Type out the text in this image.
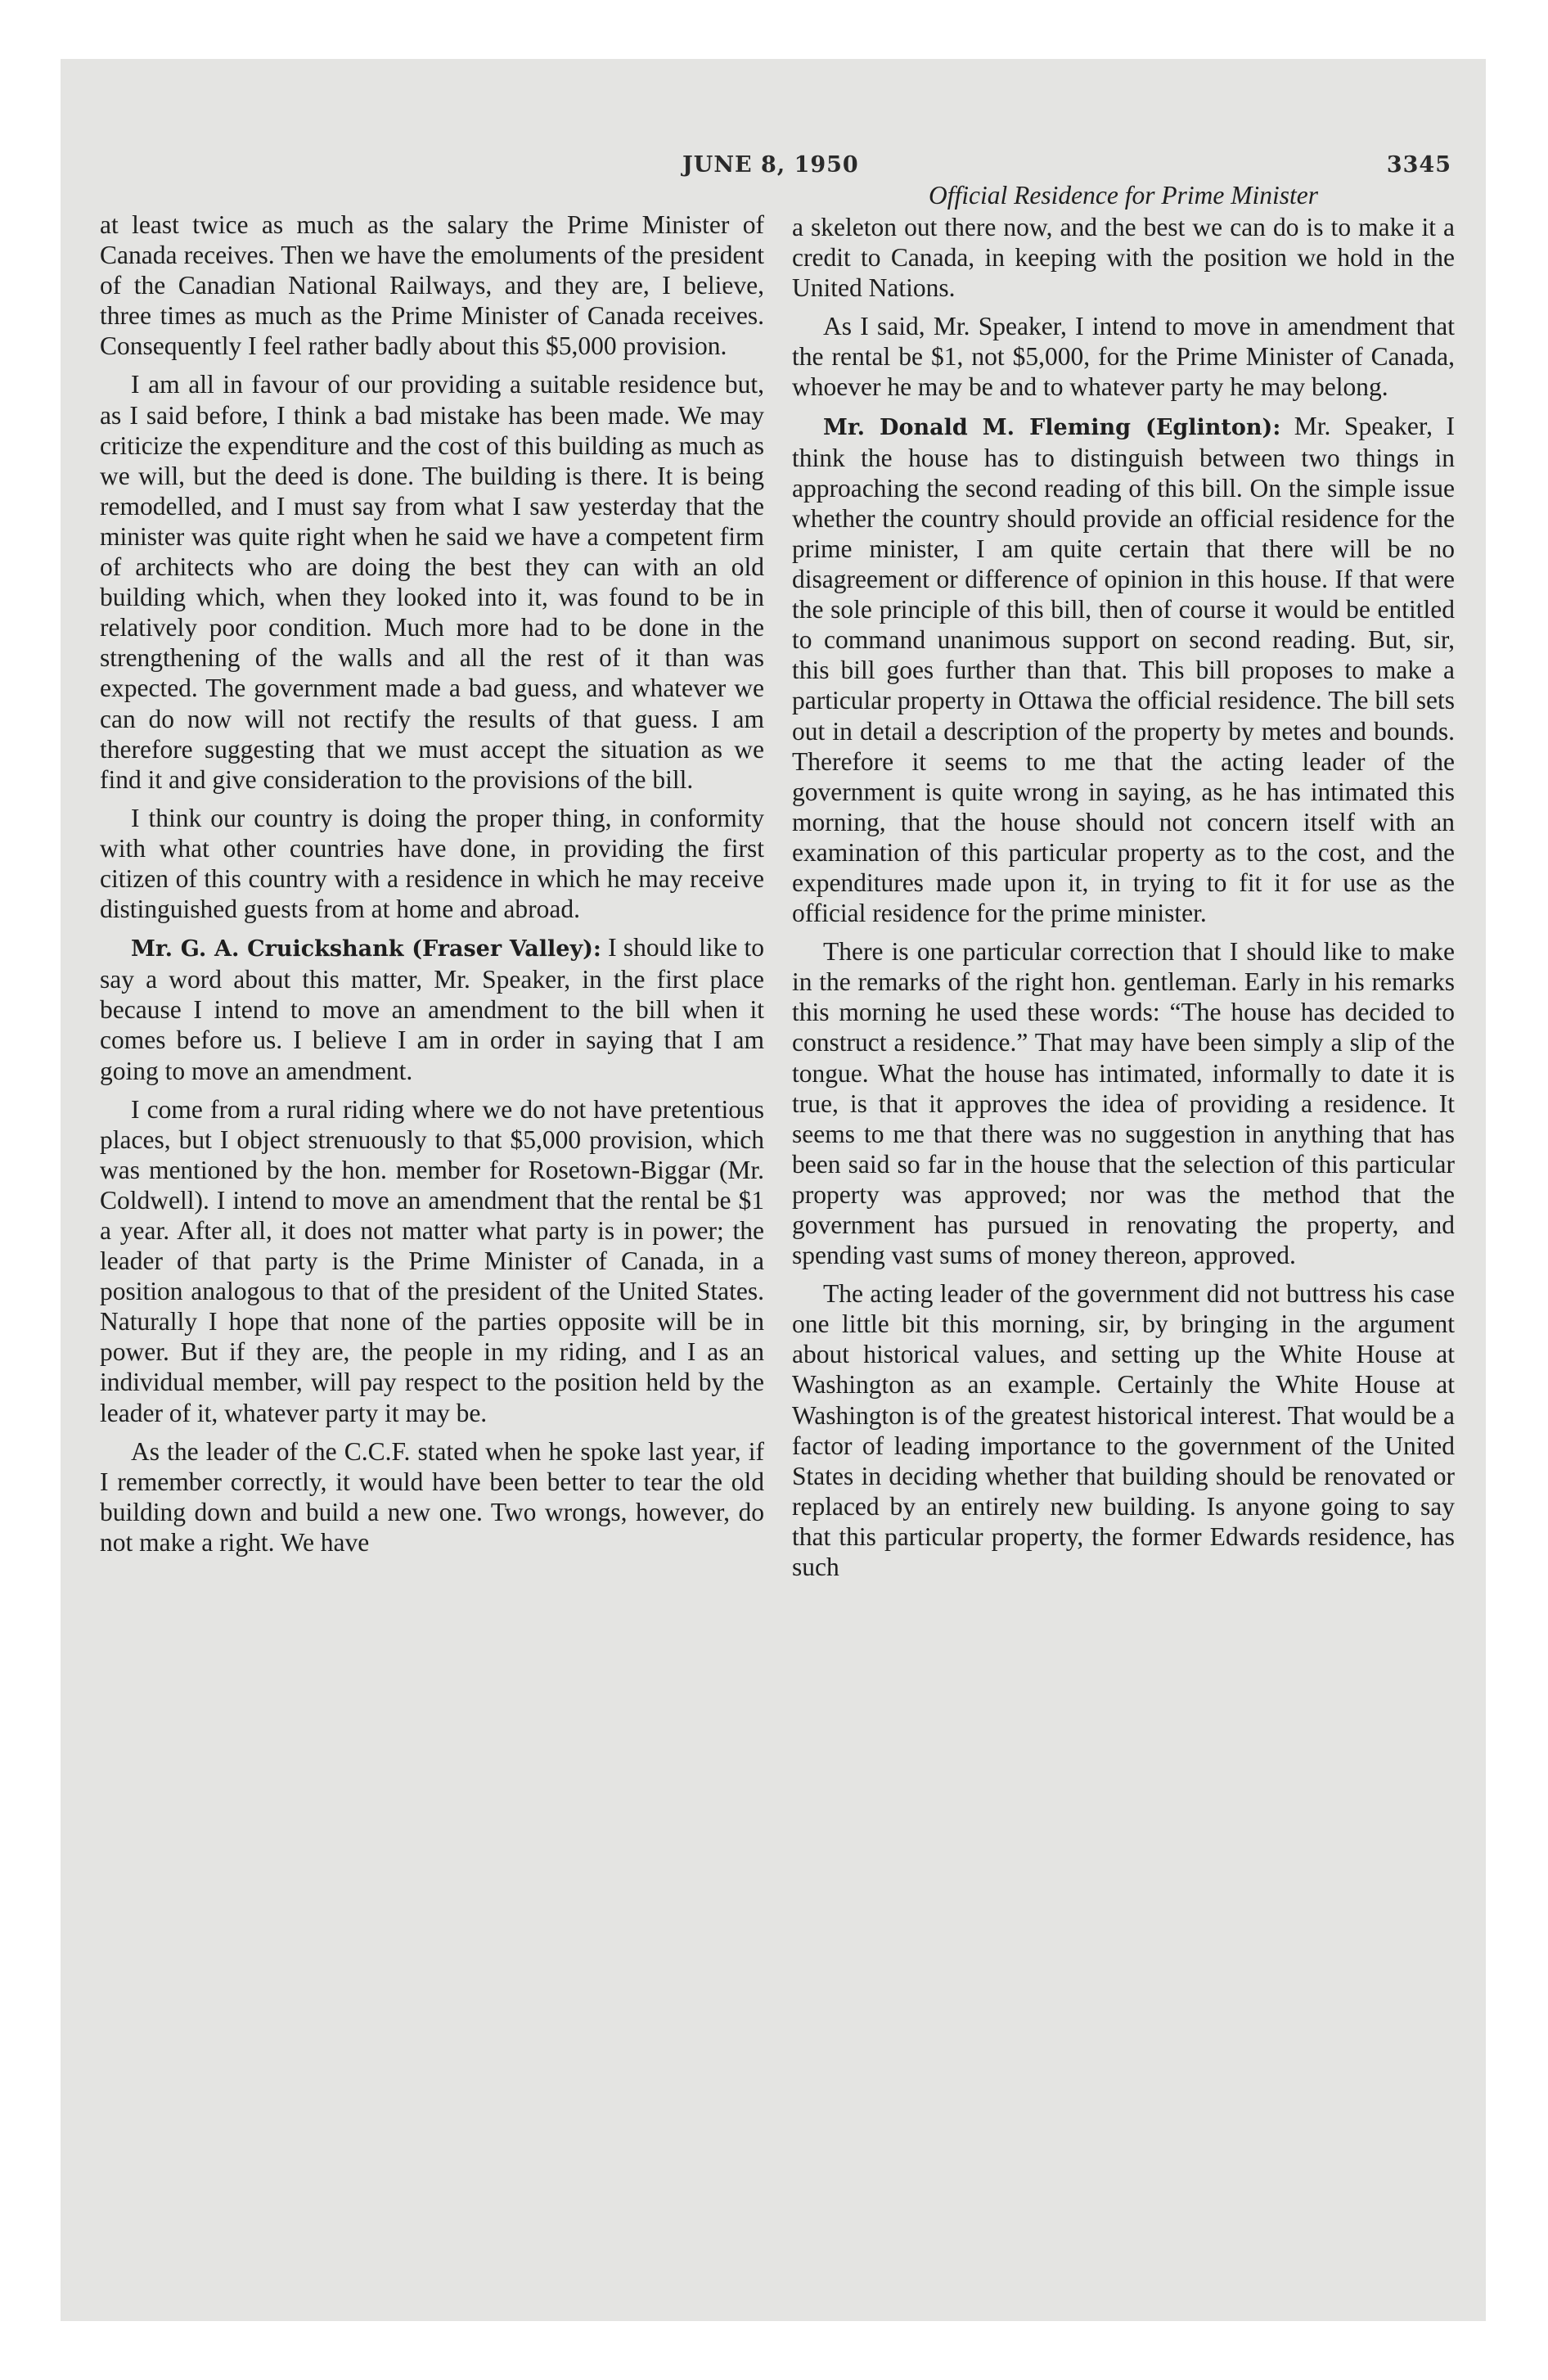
JUNE 8, 1950	3345

at least twice as much as the salary the Prime Minister of Canada receives. Then we have the emoluments of the president of the Canadian National Railways, and they are, I believe, three times as much as the Prime Minister of Canada receives. Consequently I feel rather badly about this $5,000 provision.

I am all in favour of our providing a suitable residence but, as I said before, I think a bad mistake has been made. We may criticize the expenditure and the cost of this building as much as we will, but the deed is done. The building is there. It is being remodelled, and I must say from what I saw yesterday that the minister was quite right when he said we have a competent firm of architects who are doing the best they can with an old building which, when they looked into it, was found to be in relatively poor condition. Much more had to be done in the strengthening of the walls and all the rest of it than was expected. The government made a bad guess, and whatever we can do now will not rectify the results of that guess. I am therefore suggesting that we must accept the situation as we find it and give consideration to the provisions of the bill.

I think our country is doing the proper thing, in conformity with what other countries have done, in providing the first citizen of this country with a residence in which he may receive distinguished guests from at home and abroad.

Mr. G. A. Cruickshank (Fraser Valley): I should like to say a word about this matter, Mr. Speaker, in the first place because I intend to move an amendment to the bill when it comes before us. I believe I am in order in saying that I am going to move an amendment.

I come from a rural riding where we do not have pretentious places, but I object strenuously to that $5,000 provision, which was mentioned by the hon. member for Rosetown-Biggar (Mr. Coldwell). I intend to move an amendment that the rental be $1 a year. After all, it does not matter what party is in power; the leader of that party is the Prime Minister of Canada, in a position analogous to that of the president of the United States. Naturally I hope that none of the parties opposite will be in power. But if they are, the people in my riding, and I as an individual member, will pay respect to the position held by the leader of it, whatever party it may be.

As the leader of the C.C.F. stated when he spoke last year, if I remember correctly, it would have been better to tear the old building down and build a new one. Two wrongs, however, do not make a right. We have

Official Residence for Prime Minister

a skeleton out there now, and the best we can do is to make it a credit to Canada, in keeping with the position we hold in the United Nations.

As I said, Mr. Speaker, I intend to move in amendment that the rental be $1, not $5,000, for the Prime Minister of Canada, whoever he may be and to whatever party he may belong.

Mr. Donald M. Fleming (Eglinton): Mr. Speaker, I think the house has to distinguish between two things in approaching the second reading of this bill. On the simple issue whether the country should provide an official residence for the prime minister, I am quite certain that there will be no disagreement or difference of opinion in this house. If that were the sole principle of this bill, then of course it would be entitled to command unanimous support on second reading. But, sir, this bill goes further than that. This bill proposes to make a particular property in Ottawa the official residence. The bill sets out in detail a description of the property by metes and bounds. Therefore it seems to me that the acting leader of the government is quite wrong in saying, as he has intimated this morning, that the house should not concern itself with an examination of this particular property as to the cost, and the expenditures made upon it, in trying to fit it for use as the official residence for the prime minister.

There is one particular correction that I should like to make in the remarks of the right hon. gentleman. Early in his remarks this morning he used these words: “The house has decided to construct a residence.” That may have been simply a slip of the tongue. What the house has intimated, informally to date it is true, is that it approves the idea of providing a residence. It seems to me that there was no suggestion in anything that has been said so far in the house that the selection of this particular property was approved; nor was the method that the government has pursued in renovating the property, and spending vast sums of money thereon, approved.

The acting leader of the government did not buttress his case one little bit this morning, sir, by bringing in the argument about historical values, and setting up the White House at Washington as an example. Certainly the White House at Washington is of the greatest historical interest. That would be a factor of leading importance to the government of the United States in deciding whether that building should be renovated or replaced by an entirely new building. Is anyone going to say that this particular property, the former Edwards residence, has such
